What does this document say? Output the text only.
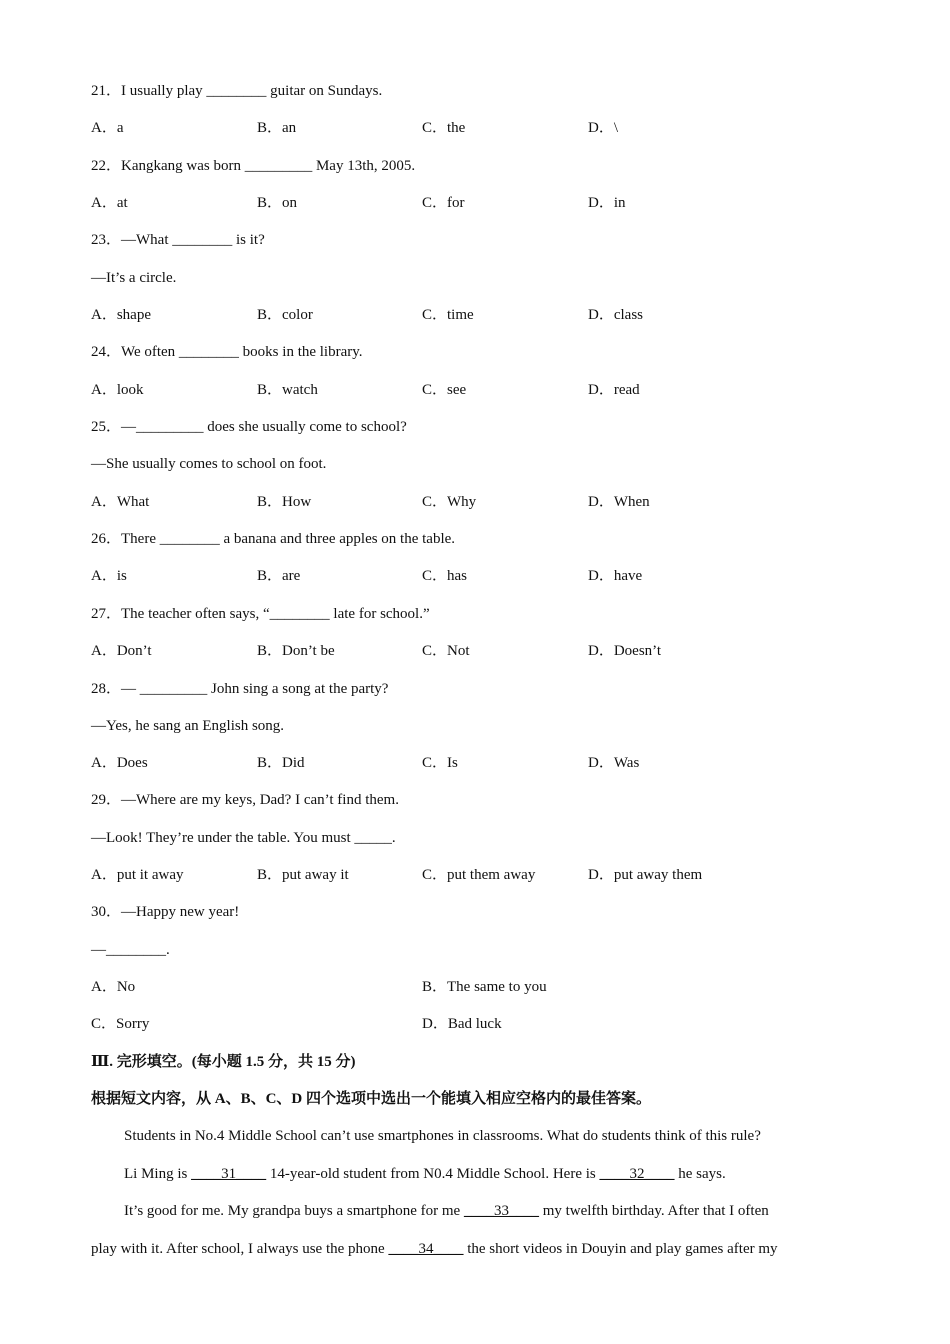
21．I usually play ________ guitar on Sundays.
A．a	B．an	C．the	D．\
22．Kangkang was born _________ May 13th, 2005.
A．at	B．on	C．for	D．in
23．—What ________ is it?
—It’s a circle.
A．shape	B．color	C．time	D．class
24．We often ________ books in the library.
A．look	B．watch	C．see	D．read
25．—_________ does she usually come to school?
—She usually comes to school on foot.
A．What	B．How	C．Why	D．When
26．There ________ a banana and three apples on the table.
A．is	B．are	C．has	D．have
27．The teacher often says, “________ late for school.”
A．Don’t	B．Don’t be	C．Not	D．Doesn’t
28．— _________ John sing a song at the party?
—Yes, he sang an English song.
A．Does	B．Did	C．Is	D．Was
29．—Where are my keys, Dad? I can’t find them.
—Look! They’re under the table. You must _____.
A．put it away	B．put away it	C．put them away	D．put away them
30．—Happy new year!
—________.
A．No	B．The same to you
C．Sorry	D．Bad luck
Ⅲ. 完形填空。(每小题 1.5 分，共 15 分)
根据短文内容，从 A、B、C、D 四个选项中选出一个能填入相应空格内的最佳答案。
Students in No.4 Middle School can’t use smartphones in classrooms. What do students think of this rule?
Li Ming is ____31____ 14-year-old student from N0.4 Middle School. Here is ____32____ he says.
It’s good for me. My grandpa buys a smartphone for me ____33____ my twelfth birthday. After that I often
play with it. After school, I always use the phone ____34____ the short videos in Douyin and play games after my
